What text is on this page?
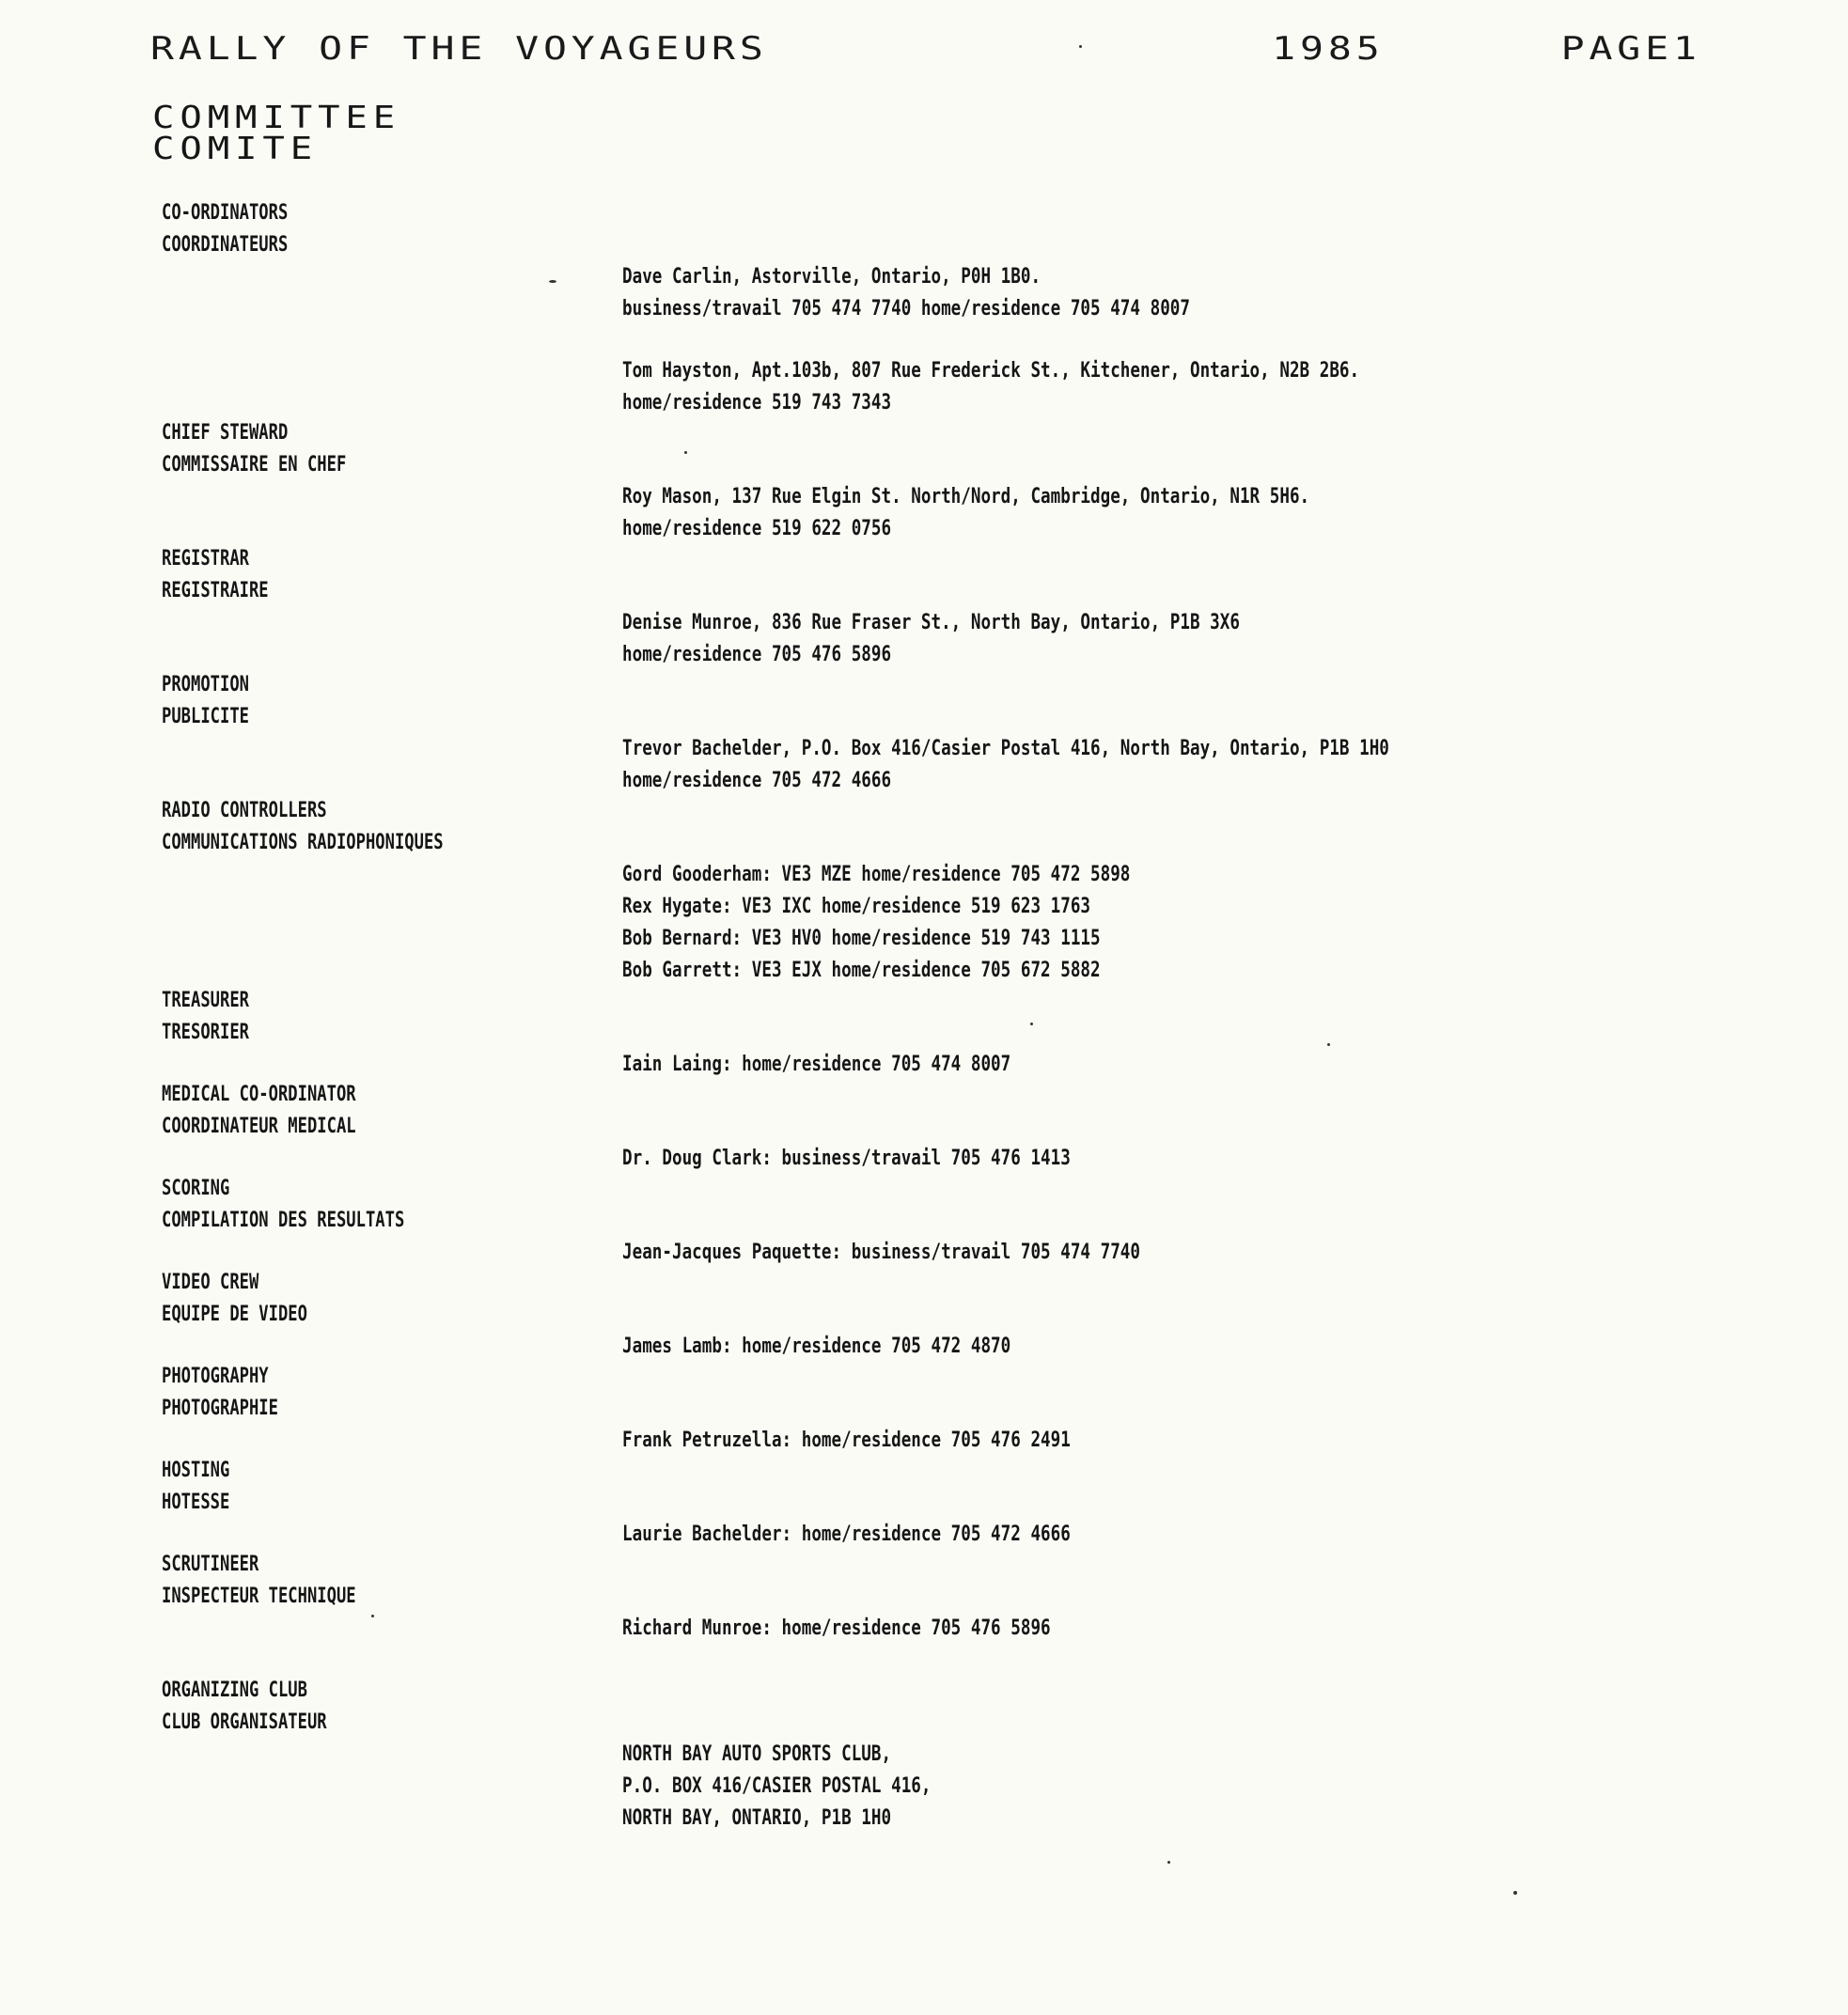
RALLY OF THE VOYAGEURS	1985	PAGE1
COMMITTEE
COMITE
CO-ORDINATORS
COORDINATEURS
Dave Carlin, Astorville, Ontario, P0H 1B0.
business/travail 705 474 7740 home/residence 705 474 8007
Tom Hayston, Apt.103b, 807 Rue Frederick St., Kitchener, Ontario, N2B 2B6.
home/residence 519 743 7343
CHIEF STEWARD
COMMISSAIRE EN CHEF
Roy Mason, 137 Rue Elgin St. North/Nord, Cambridge, Ontario, N1R 5H6.
home/residence 519 622 0756
REGISTRAR
REGISTRAIRE
Denise Munroe, 836 Rue Fraser St., North Bay, Ontario, P1B 3X6
home/residence 705 476 5896
PROMOTION
PUBLICITE
Trevor Bachelder, P.O. Box 416/Casier Postal 416, North Bay, Ontario, P1B 1H0
home/residence 705 472 4666
RADIO CONTROLLERS
COMMUNICATIONS RADIOPHONIQUES
Gord Gooderham: VE3 MZE home/residence 705 472 5898
Rex Hygate: VE3 IXC home/residence 519 623 1763
Bob Bernard: VE3 HV0 home/residence 519 743 1115
Bob Garrett: VE3 EJX home/residence 705 672 5882
TREASURER
TRESORIER
Iain Laing: home/residence 705 474 8007
MEDICAL CO-ORDINATOR
COORDINATEUR MEDICAL
Dr. Doug Clark: business/travail 705 476 1413
SCORING
COMPILATION DES RESULTATS
Jean-Jacques Paquette: business/travail 705 474 7740
VIDEO CREW
EQUIPE DE VIDEO
James Lamb: home/residence 705 472 4870
PHOTOGRAPHY
PHOTOGRAPHIE
Frank Petruzella: home/residence 705 476 2491
HOSTING
HOTESSE
Laurie Bachelder: home/residence 705 472 4666
SCRUTINEER
INSPECTEUR TECHNIQUE
Richard Munroe: home/residence 705 476 5896
ORGANIZING CLUB
CLUB ORGANISATEUR
NORTH BAY AUTO SPORTS CLUB,
P.O. BOX 416/CASIER POSTAL 416,
NORTH BAY, ONTARIO, P1B 1H0
